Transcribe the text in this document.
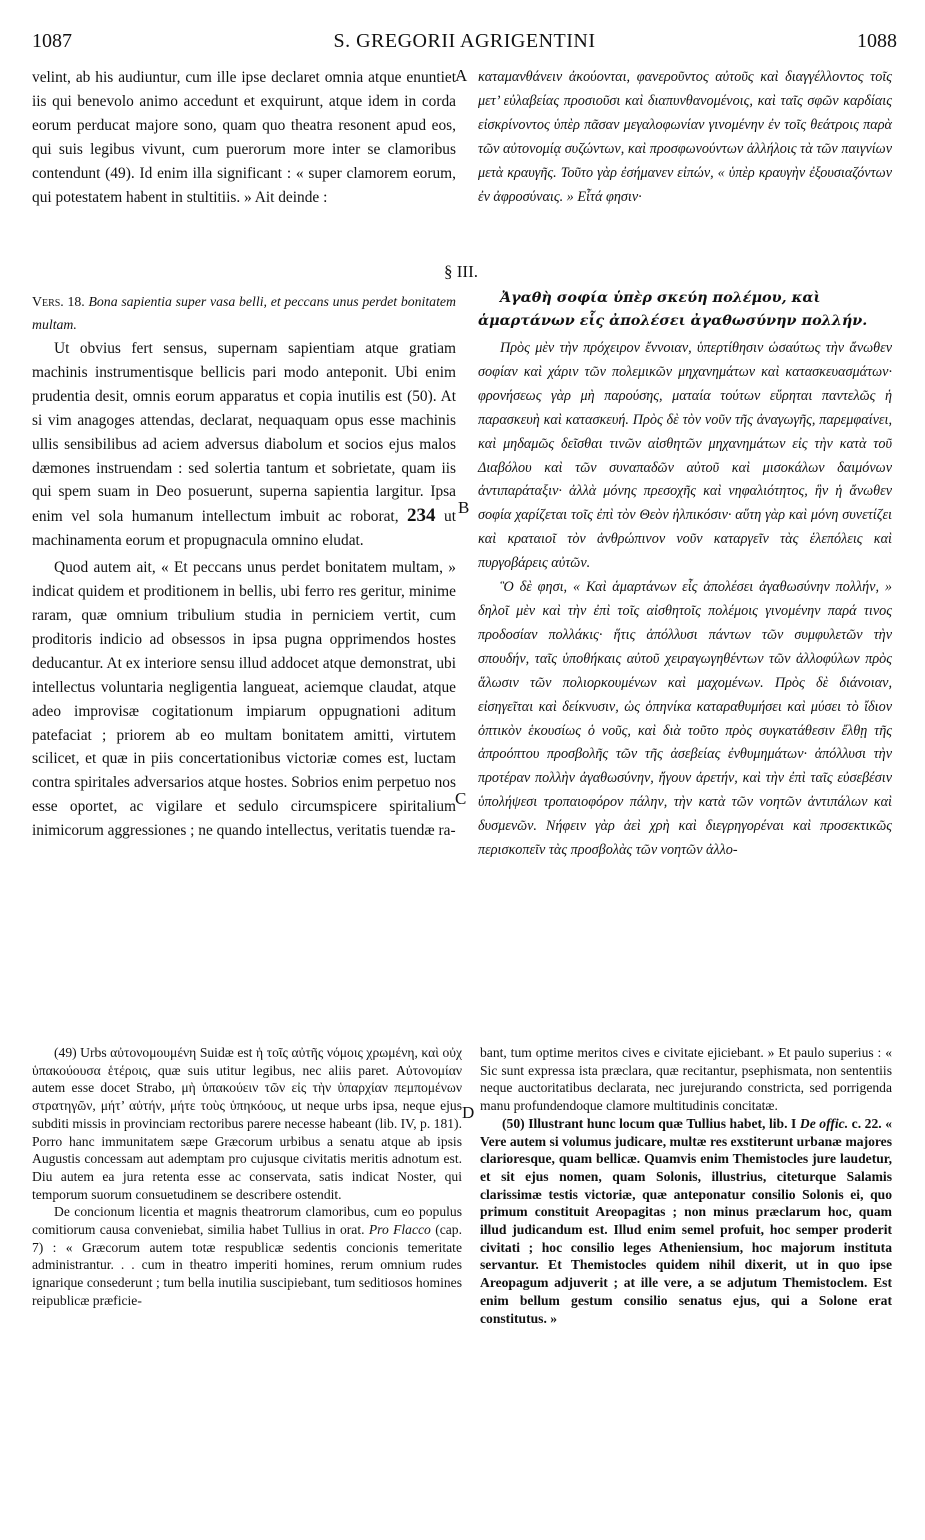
1087	S. GREGORII AGRIGENTINI	1088

velint, ab his audiuntur, cum ille ipse declaret omnia atque enuntiet iis qui benevolo animo accedunt et exquirunt, atque idem in corda eorum perducat majore sono, quam quo theatra resonent apud eos, qui suis legibus vivunt, cum puerorum more inter se clamoribus contendunt (49). Id enim illa significant : « super clamorem eorum, qui potestatem habent in stultitiis. » Ait deinde :

καταμανθάνειν ἀκούονται, φανεροῦντος αὐτοῦς καὶ διαγγέλλοντος τοῖς μετ’ εὐλαβείας προσιοῦσι καὶ διαπυνθανομένοις, καὶ ταῖς σφῶν καρδίαις εἰσκρίνοντος ὑπὲρ πᾶσαν μεγαλοφωνίαν γινομένην ἐν τοῖς θεάτροις παρὰ τῶν αὐτονομίᾳ συζώντων, καὶ προσφωνούντων ἀλλήλοις τὰ τῶν παιγνίων μετὰ κραυγῆς. Τοῦτο γὰρ ἐσήμανεν εἰπών, « ὑπὲρ κραυγὴν ἐξουσιαζόντων ἐν ἀφροσύναις. » Εἶτά φησιν·

A
B
C
D
§ III.
Vers. 18. Bona sapientia super vasa belli, et peccans unus perdet bonitatem multam.
Ἀγαθὴ σοφία ὑπὲρ σκεύη πολέμου, καὶ ἁμαρτάνων εἷς ἀπολέσει ἀγαθωσύνην πολλήν.

Ut obvius fert sensus, supernam sapientiam atque gratiam machinis instrumentisque bellicis pari modo anteponit. Ubi enim prudentia desit, omnis eorum apparatus et copia inutilis est (50). At si vim anagoges attendas, declarat, nequaquam opus esse machinis ullis sensibilibus ad aciem adversus diabolum et socios ejus malos dæmones instruendam : sed solertia tantum et sobrietate, quam iis qui spem suam in Deo posuerunt, superna sapientia largitur. Ipsa enim vel sola humanum intellectum imbuit ac roborat, 234 ut machinamenta eorum et propugnacula omnino eludat.

Quod autem ait, « Et peccans unus perdet bonitatem multam, » indicat quidem et proditionem in bellis, ubi ferro res geritur, minime raram, quæ omnium tribulium studia in perniciem vertit, cum proditoris indicio ad obsessos in ipsa pugna opprimendos hostes deducantur. At ex interiore sensu illud addocet atque demonstrat, ubi intellectus voluntaria negligentia langueat, aciemque claudat, atque adeo improvisæ cogitationum impiarum oppugnationi aditum patefaciat ; priorem ab eo multam bonitatem amitti, virtutem scilicet, et quæ in piis concertationibus victoriæ comes est, luctam contra spiritales adversarios atque hostes. Sobrios enim perpetuo nos esse oportet, ac vigilare et sedulo circumspicere spiritalium inimicorum aggressiones ; ne quando intellectus, veritatis tuendæ ra-

Πρὸς μὲν τὴν πρόχειρον ἔννοιαν, ὑπερτίθησιν ὡσαύτως τὴν ἄνωθεν σοφίαν καὶ χάριν τῶν πολεμικῶν μηχανημάτων καὶ κατασκευασμάτων· φρονήσεως γὰρ μὴ παρούσης, ματαία τούτων εὕρηται παντελῶς ἡ παρασκευὴ καὶ κατασκευή. Πρὸς δὲ τὸν νοῦν τῆς ἀναγωγῆς, παρεμφαίνει, καὶ μηδαμῶς δεῖσθαι τινῶν αἰσθητῶν μηχανημάτων εἰς τὴν κατὰ τοῦ Διαβόλου καὶ τῶν συναπαδῶν αὐτοῦ καὶ μισοκάλων δαιμόνων ἀντιπαράταξιν· ἀλλὰ μόνης πρεσοχῆς καὶ νηφαλιότητος, ἣν ἡ ἄνωθεν σοφία χαρίζεται τοῖς ἐπὶ τὸν Θεὸν ἠλπικόσιν· αὕτη γὰρ καὶ μόνη συνετίζει καὶ κραταιοῖ τὸν ἀνθρώπινον νοῦν καταργεῖν τὰς ἑλεπόλεις καὶ πυργοβάρεις αὐτῶν.

Ὃ δὲ φησι, « Καὶ ἁμαρτάνων εἷς ἀπολέσει ἀγαθωσύνην πολλήν, » δηλοῖ μὲν καὶ τὴν ἐπὶ τοῖς αἰσθητοῖς πολέμοις γινομένην παρά τινος προδοσίαν πολλάκις· ἥτις ἀπόλλυσι πάντων τῶν συμφυλετῶν τὴν σπουδήν, ταῖς ὑποθήκαις αὐτοῦ χειραγωγηθέντων τῶν ἀλλοφύλων πρὸς ἅλωσιν τῶν πολιορκουμένων καὶ μαχομένων. Πρὸς δὲ διάνοιαν, εἰσηγεῖται καὶ δείκνυσιν, ὡς ὁπηνίκα καταραθυμήσει καὶ μύσει τὸ ἴδιον ὀπτικὸν ἑκουσίως ὁ νοῦς, καὶ διὰ τοῦτο πρὸς συγκατάθεσιν ἔλθῃ τῆς ἀπροόπτου προσβολῆς τῶν τῆς ἀσεβείας ἐνθυμημάτων· ἀπόλλυσι τὴν προτέραν πολλὴν ἀγαθωσύνην, ἤγουν ἀρετήν, καὶ τὴν ἐπὶ ταῖς εὐσεβέσιν ὑπολήψεσι τροπαιοφόρον πάλην, τὴν κατὰ τῶν νοητῶν ἀντιπάλων καὶ δυσμενῶν. Νήφειν γὰρ ἀεὶ χρὴ καὶ διεγρηγορέναι καὶ προσεκτικῶς περισκοπεῖν τὰς προσβολὰς τῶν νοητῶν ἀλλο-

(49) Urbs αὐτονομουμένη Suidæ est ἡ τοῖς αὐτῆς νόμοις χρωμένη, καὶ οὐχ ὑπακούουσα ἑτέροις, quæ suis utitur legibus, nec aliis paret. Αὐτονομίαν autem esse docet Strabo, μὴ ὑπακούειν τῶν εἰς τὴν ὑπαρχίαν πεμπομένων στρατηγῶν, μήτ’ αὐτήν, μήτε τοὺς ὑπηκόους, ut neque urbs ipsa, neque ejus subditi missis in provinciam rectoribus parere necesse habeant (lib. IV, p. 181). Porro hanc immunitatem sæpe Græcorum urbibus a senatu atque ab ipsis Augustis concessam aut ademptam pro cujusque civitatis meritis adnotum est. Diu autem ea jura retenta esse ac conservata, satis indicat Noster, qui temporum suorum consuetudinem se describere ostendit.

De concionum licentia et magnis theatrorum clamoribus, cum eo populus comitiorum causa conveniebat, similia habet Tullius in orat. Pro Flacco (cap. 7) : « Græcorum autem totæ respublicæ sedentis concionis temeritate administrantur. . . cum in theatro imperiti homines, rerum omnium rudes ignarique consederunt ; tum bella inutilia suscipiebant, tum seditiosos homines reipublicæ præficie-

bant, tum optime meritos cives e civitate ejiciebant. » Et paulo superius : « Sic sunt expressa ista præclara, quæ recitantur, psephismata, non sententiis neque auctoritatibus declarata, nec jurejurando constricta, sed porrigenda manu profundendoque clamore multitudinis concitatæ.

(50) Illustrant hunc locum quæ Tullius habet, lib. I De offic. c. 22. « Vere autem si volumus judicare, multæ res exstiterunt urbanæ majores clarioresque, quam bellicæ. Quamvis enim Themistocles jure laudetur, et sit ejus nomen, quam Solonis, illustrius, citeturque Salamis clarissimæ testis victoriæ, quæ anteponatur consilio Solonis ei, quo primum constituit Areopagitas ; non minus præclarum hoc, quam illud judicandum est. Illud enim semel profuit, hoc semper proderit civitati ; hoc consilio leges Atheniensium, hoc majorum instituta servantur. Et Themistocles quidem nihil dixerit, ut in quo ipse Areopagum adjuverit ; at ille vere, a se adjutum Themistoclem. Est enim bellum gestum consilio senatus ejus, qui a Solone erat constitutus. »
